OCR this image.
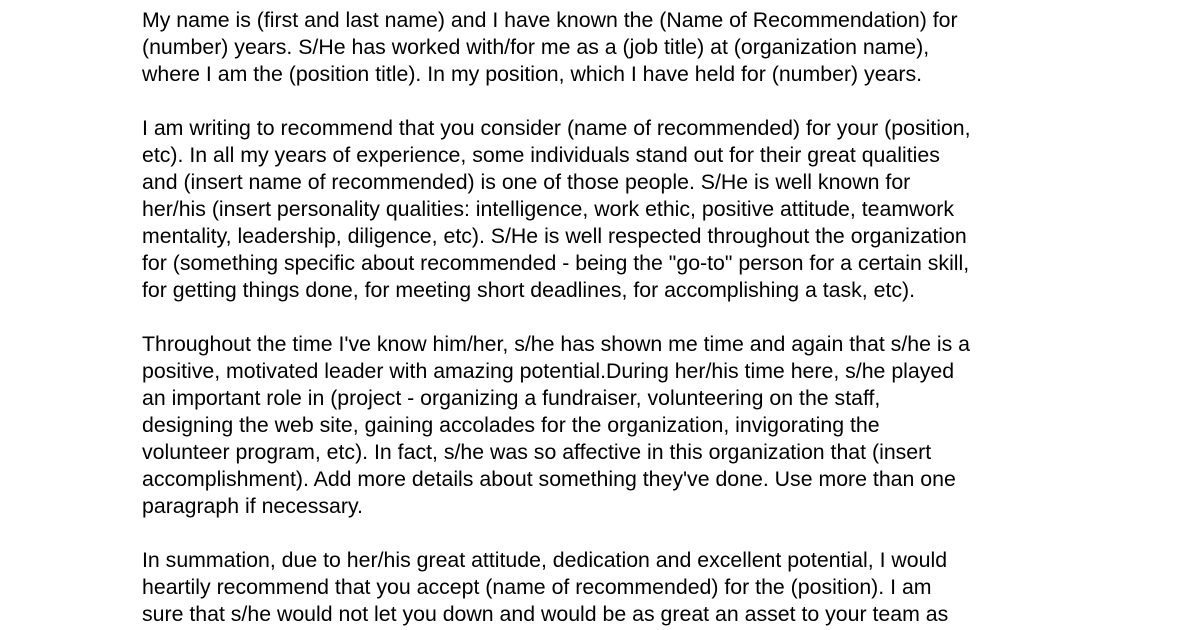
My name is (first and last name) and I have known the (Name of Recommendation) for
(number) years. S/He has worked with/for me as a (job title) at (organization name),
where I am the (position title). In my position, which I have held for (number) years.

I am writing to recommend that you consider (name of recommended) for your (position,
etc). In all my years of experience, some individuals stand out for their great qualities
and (insert name of recommended) is one of those people. S/He is well known for
her/his (insert personality qualities: intelligence, work ethic, positive attitude, teamwork
mentality, leadership, diligence, etc). S/He is well respected throughout the organization
for (something specific about recommended - being the "go-to" person for a certain skill,
for getting things done, for meeting short deadlines, for accomplishing a task, etc).

Throughout the time I've know him/her, s/he has shown me time and again that s/he is a
positive, motivated leader with amazing potential.During her/his time here, s/he played
an important role in (project - organizing a fundraiser, volunteering on the staff,
designing the web site, gaining accolades for the organization, invigorating the
volunteer program, etc). In fact, s/he was so affective in this organization that (insert
accomplishment). Add more details about something they've done. Use more than one
paragraph if necessary.

In summation, due to her/his great attitude, dedication and excellent potential, I would
heartily recommend that you accept (name of recommended) for the (position). I am
sure that s/he would not let you down and would be as great an asset to your team as
